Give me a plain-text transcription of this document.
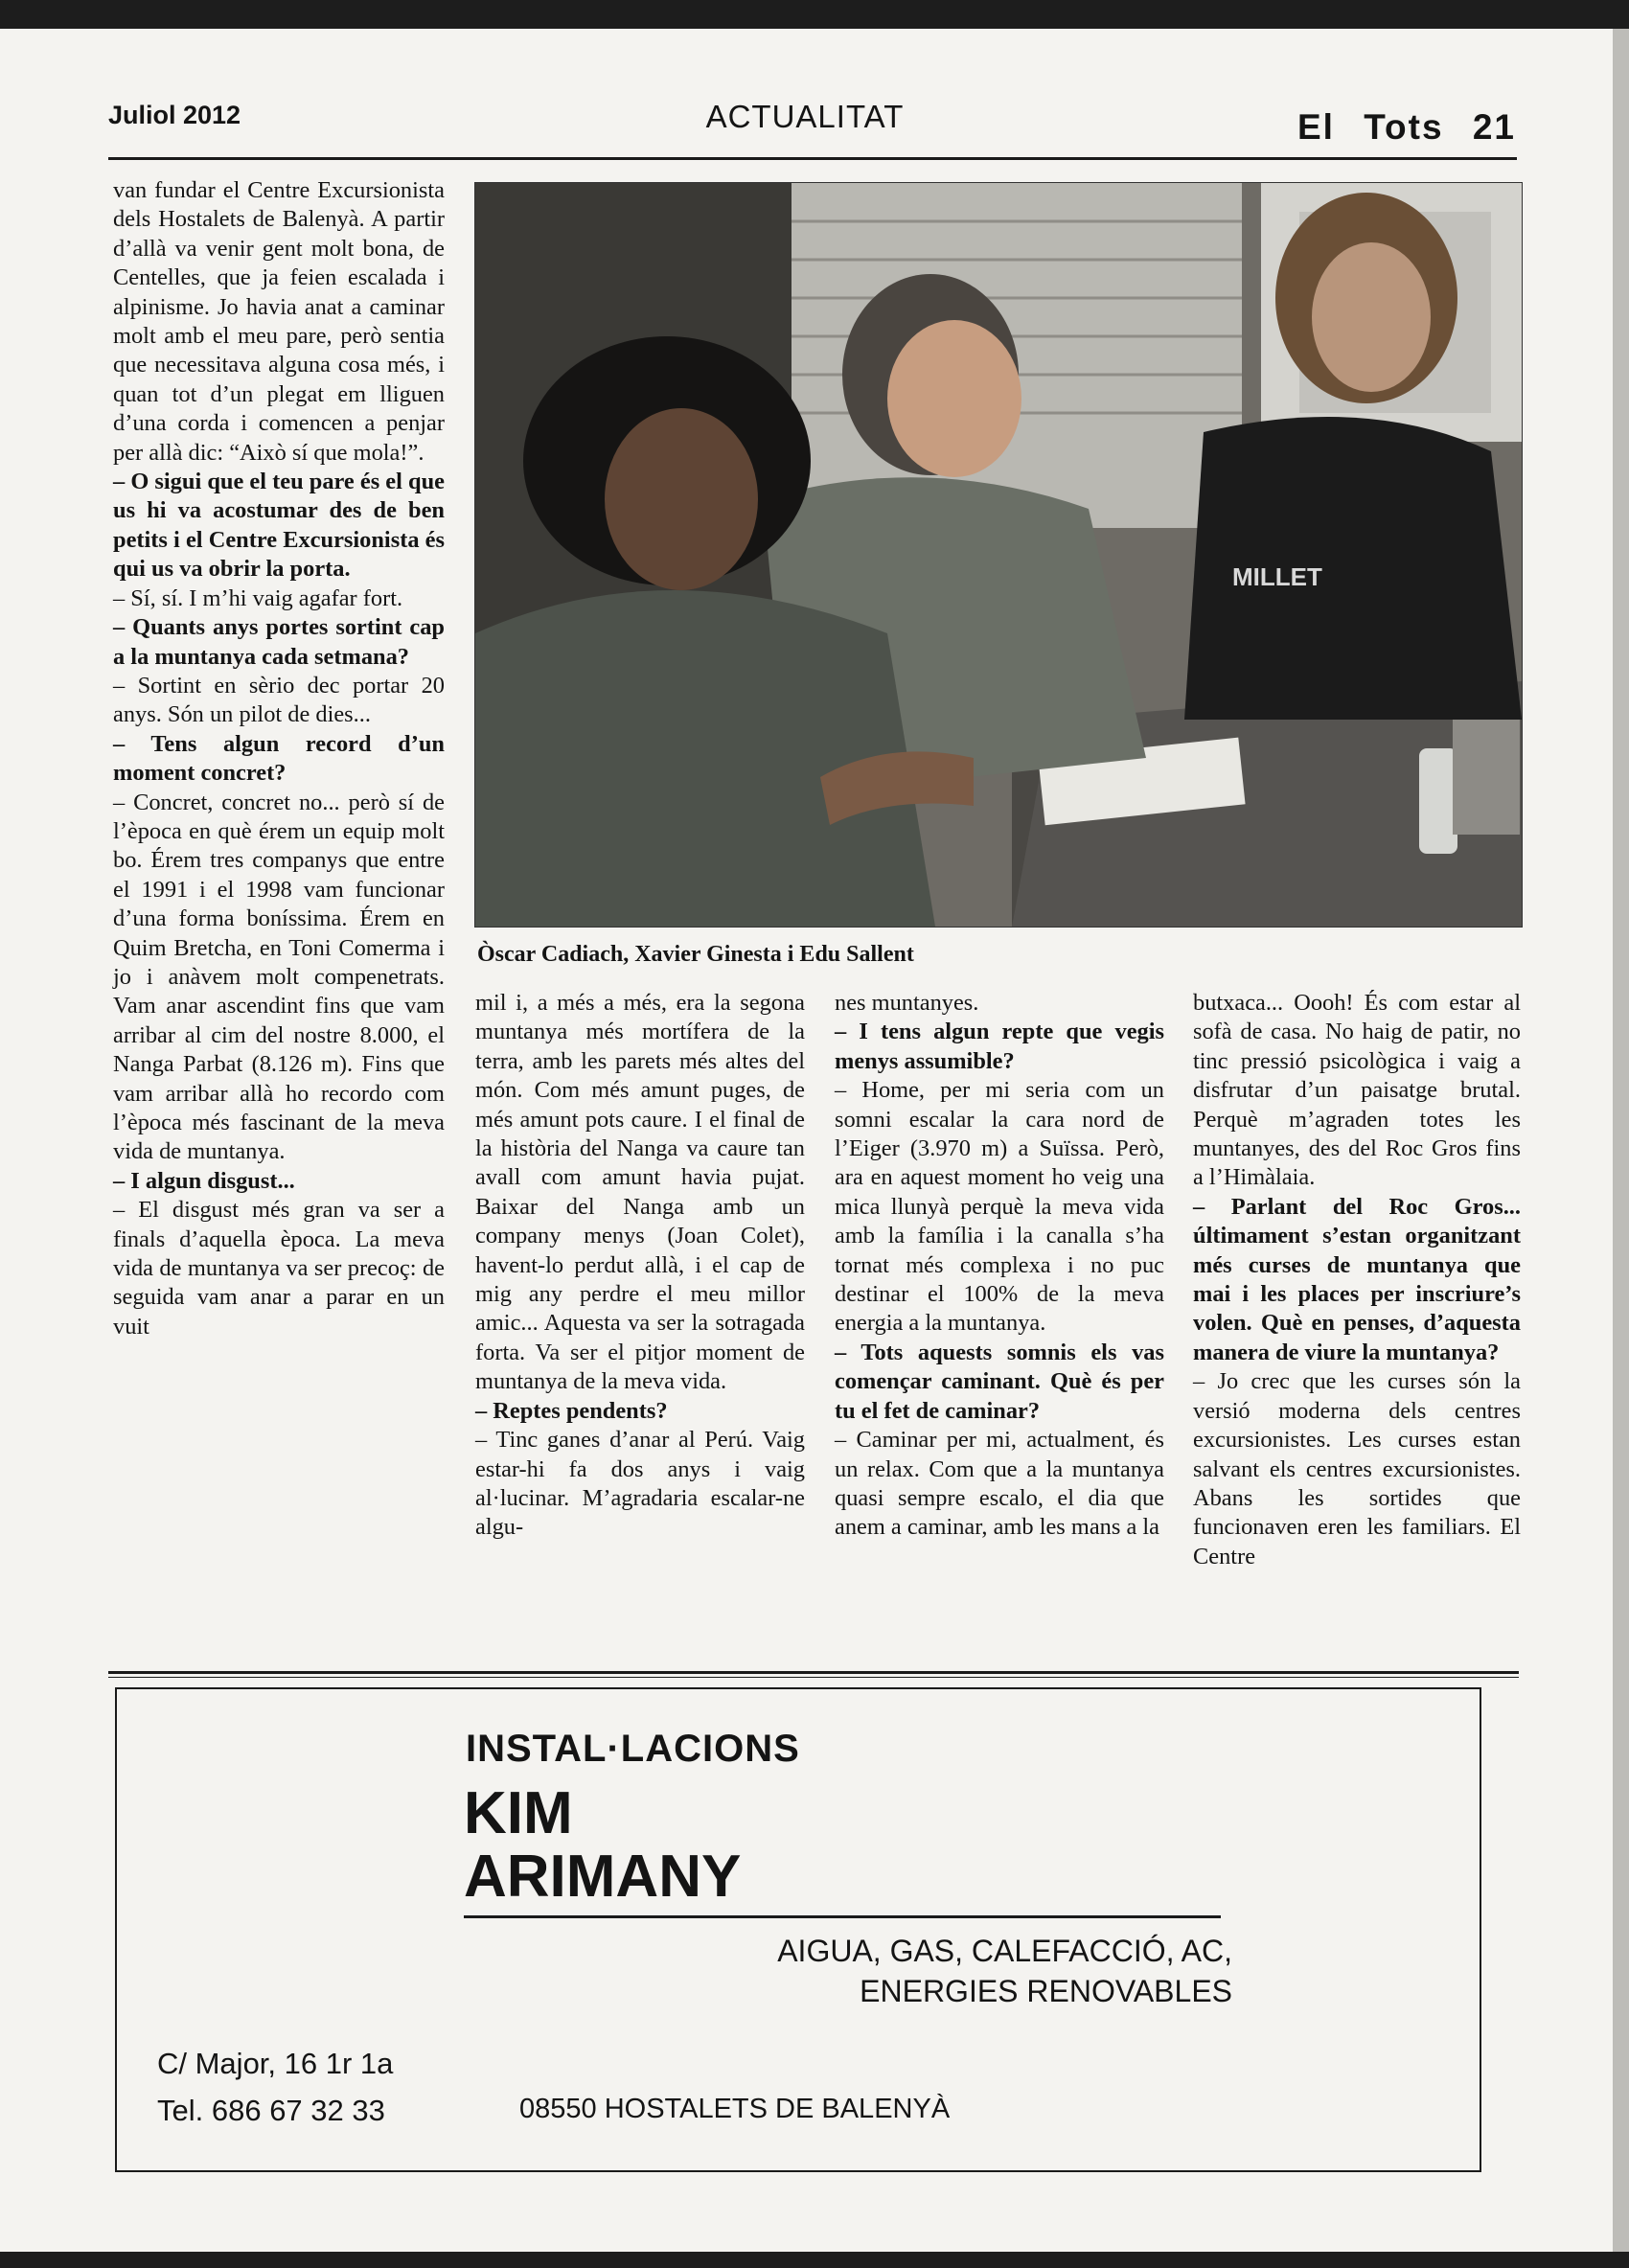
Juliol 2012	ACTUALITAT	El Tots 21

van fundar el Centre Excursionista dels Hostalets de Balenyà. A partir d’allà va venir gent molt bona, de Centelles, que ja feien escalada i alpinisme. Jo havia anat a caminar molt amb el meu pare, però sentia que necessitava alguna cosa més, i quan tot d’un plegat em lliguen d’una corda i comencen a penjar per allà dic: “Això sí que mola!”.

– O sigui que el teu pare és el que us hi va acostumar des de ben petits i el Centre Excursionista és qui us va obrir la porta.

– Sí, sí. I m’hi vaig agafar fort.

– Quants anys portes sortint cap a la muntanya cada setmana?

– Sortint en sèrio dec portar 20 anys. Són un pilot de dies...

– Tens algun record d’un moment concret?

– Concret, concret no... però sí de l’època en què érem un equip molt bo. Érem tres companys que entre el 1991 i el 1998 vam funcionar d’una forma boníssima. Érem en Quim Bretcha, en Toni Comerma i jo i anàvem molt compenetrats. Vam anar ascendint fins que vam arribar al cim del nostre 8.000, el Nanga Parbat (8.126 m). Fins que vam arribar allà ho recordo com l’època més fascinant de la meva vida de muntanya.

– I algun disgust...

– El disgust més gran va ser a finals d’aquella època. La meva vida de muntanya va ser precoç: de seguida vam anar a parar en un vuit

MILLET
Òscar Cadiach, Xavier Ginesta i Edu Sallent

mil i, a més a més, era la segona muntanya més mortífera de la terra, amb les parets més altes del món. Com més amunt puges, de més amunt pots caure. I el final de la història del Nanga va caure tan avall com amunt havia pujat. Baixar del Nanga amb un company menys (Joan Colet), havent-lo perdut allà, i el cap de mig any perdre el meu millor amic... Aquesta va ser la sotragada forta. Va ser el pitjor moment de muntanya de la meva vida.

– Reptes pendents?

– Tinc ganes d’anar al Perú. Vaig estar-hi fa dos anys i vaig al·lucinar. M’agradaria escalar-ne algu-

nes muntanyes.

– I tens algun repte que vegis menys assumible?

– Home, per mi seria com un somni escalar la cara nord de l’Eiger (3.970 m) a Suïssa. Però, ara en aquest moment ho veig una mica llunyà perquè la meva vida amb la família i la canalla s’ha tornat més complexa i no puc destinar el 100% de la meva energia a la muntanya.

– Tots aquests somnis els vas començar caminant. Què és per tu el fet de caminar?

– Caminar per mi, actualment, és un relax. Com que a la muntanya quasi sempre escalo, el dia que anem a caminar, amb les mans a la

butxaca... Oooh! És com estar al sofà de casa. No haig de patir, no tinc pressió psicològica i vaig a disfrutar d’un paisatge brutal. Perquè m’agraden totes les muntanyes, des del Roc Gros fins a l’Himàlaia.

– Parlant del Roc Gros... últimament s’estan organitzant més curses de muntanya que mai i les places per inscriure’s volen. Què en penses, d’aquesta manera de viure la muntanya?

– Jo crec que les curses són la versió moderna dels centres excursionistes. Les curses estan salvant els centres excursionistes. Abans les sortides que funcionaven eren les familiars. El Centre

INSTAL·LACIONS
KIM
ARIMANY
AIGUA, GAS, CALEFACCIÓ, AC,
ENERGIES RENOVABLES
C/ Major, 16 1r 1a
Tel. 686 67 32 33	08550 HOSTALETS DE BALENYÀ
